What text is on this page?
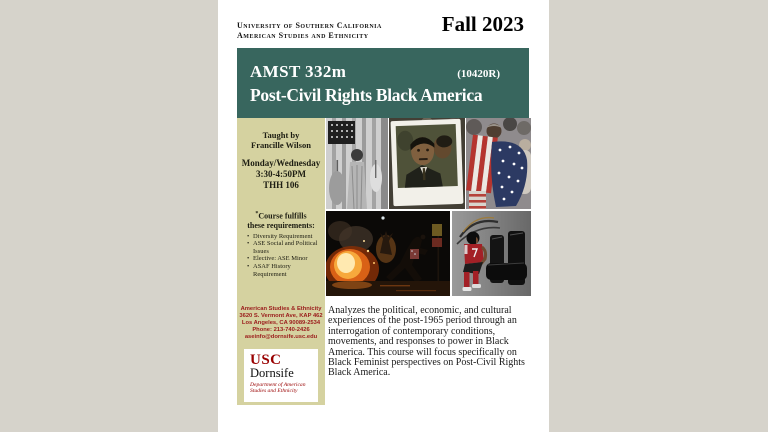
University of Southern California
American Studies and Ethnicity	Fall 2023
AMST 332m	(10420R)
Post-Civil Rights Black America
Taught by
Francille Wilson
Monday/Wednesday
3:30-4:50PM
THH 106
*Course fulfills
these requirements:
• Diversity Requirement
• ASE Social and Political Issues
• Elective: ASE Minor
• ASAF History Requirement
American Studies & Ethnicity
3620 S. Vermont Ave, KAP 462
Los Angeles, CA 90089-2534
Phone: 213-740-2426
aseinfo@dornsife.usc.edu
USC
Dornsife
Department of American
Studies and Ethnicity
Analyzes the political, economic, and cultural experiences of the post-1965 period through an interrogation of contemporary conditions, movements, and responses to power in Black America. This course will focus specifically on Black Feminist perspectives on Post-Civil Rights Black America.
